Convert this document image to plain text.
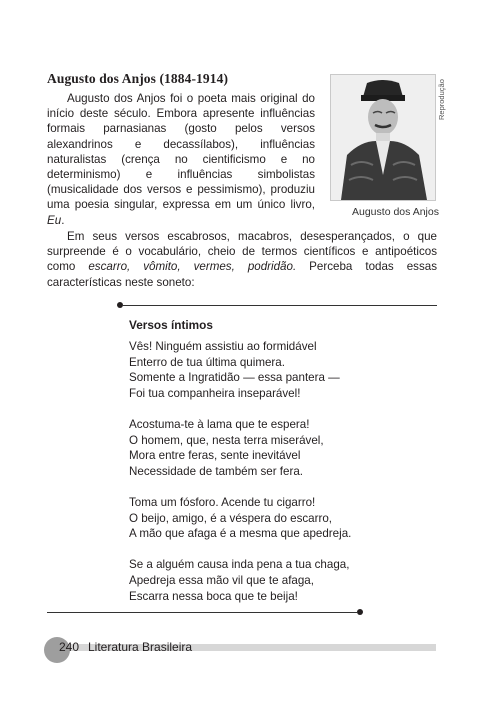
Augusto dos Anjos (1884-1914)

Augusto dos Anjos foi o poeta mais original do início deste século. Embora apresente influências formais parnasianas (gosto pelos versos alexandrinos e decassílabos), influências naturalistas (crença no cientificismo e no determinismo) e influências simbolistas (musicalidade dos versos e pessimismo), produziu uma poesia singular, expressa em um único livro, Eu.

Reprodução
Augusto dos Anjos

Em seus versos escabrosos, macabros, desesperançados, o que surpreende é o vocabulário, cheio de termos científicos e antipoéticos como escarro, vômito, vermes, podridão. Perceba todas essas características neste soneto:

Versos íntimos
Vês! Ninguém assistiu ao formidável
Enterro de tua última quimera.
Somente a Ingratidão — essa pantera —
Foi tua companheira inseparável!
Acostuma-te à lama que te espera!
O homem, que, nesta terra miserável,
Mora entre feras, sente inevitável
Necessidade de também ser fera.
Toma um fósforo. Acende tu cigarro!
O beijo, amigo, é a véspera do escarro,
A mão que afaga é a mesma que apedreja.
Se a alguém causa inda pena a tua chaga,
Apedreja essa mão vil que te afaga,
Escarra nessa boca que te beija!
240 Literatura Brasileira
